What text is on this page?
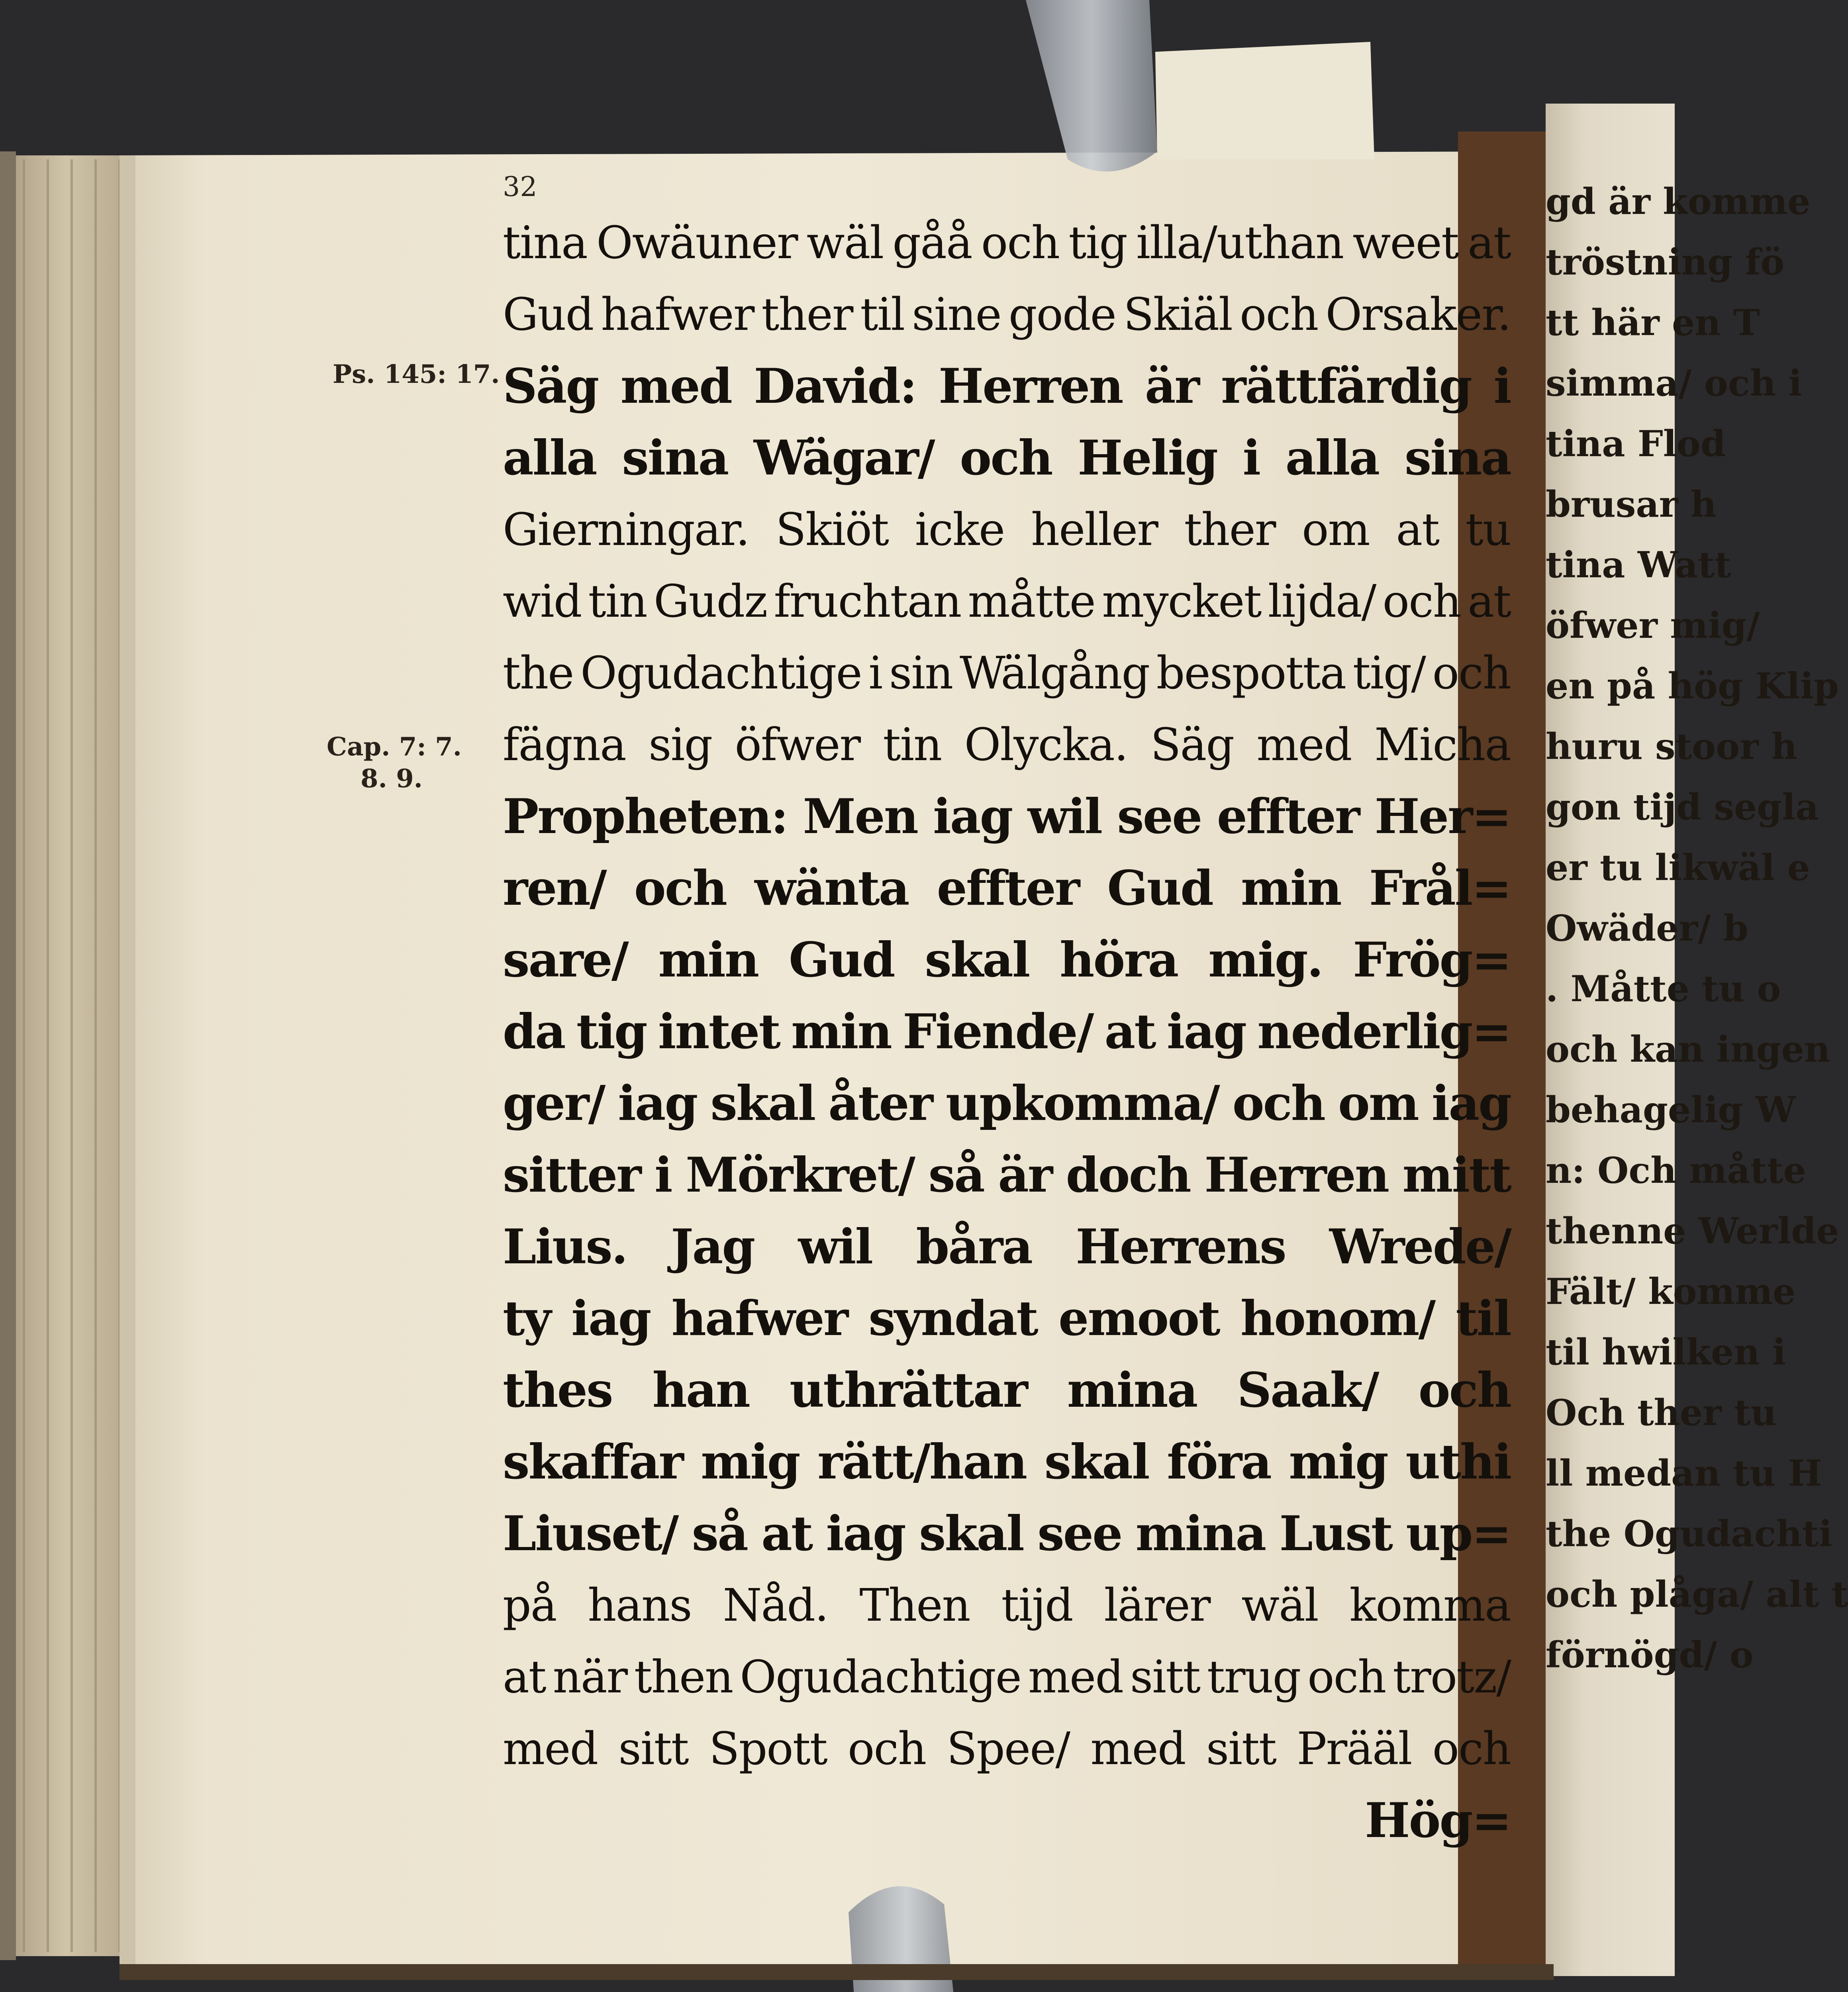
32
Ps. 145: 17.
Cap. 7: 7.
8. 9.
tina Owäuner wäl gåå och tig illa/uthan weet at
Gud hafwer ther til sine gode Skiäl och Orsaker.
Säg med David: Herren är rättfärdig i
alla sina Wägar/ och Helig i alla sina
Gierningar. Skiöt icke heller ther om at tu
wid tin Gudz fruchtan måtte mycket lijda/ och at
the Ogudachtige i sin Wälgång bespotta tig/ och
fägna sig öfwer tin Olycka. Säg med Micha
Propheten: Men iag wil see effter Her=
ren/ och wänta effter Gud min Frål=
sare/ min Gud skal höra mig. Frög=
da tig intet min Fiende/ at iag nederlig=
ger/ iag skal åter upkomma/ och om iag
sitter i Mörkret/ så är doch Herren mitt
Lius. Jag wil båra Herrens Wrede/
ty iag hafwer syndat emoot honom/ til
thes han uthrättar mina Saak/ och
skaffar mig rätt/han skal föra mig uthi
Liuset/ så at iag skal see mina Lust up=
på hans Nåd. Then tijd lärer wäl komma
at när then Ogudachtige med sitt trug och trotz/
med sitt Spott och Spee/ med sitt Prääl och
Hög=
gd är komme
tröstning fö
tt här en T
simma/ och i
tina Flod
brusar h
tina Watt
öfwer mig/
en på hög Klip
huru stoor h
gon tijd segla
er tu likwäl e
Owäder/ b
. Måtte tu o
och kan ingen
behagelig W
n: Och måtte
thenne Werlde
Fält/ komme
til hwilken i
Och ther tu
ll medan tu H
the Ogudachti
och plåga/ alt t
förnögd/ o
